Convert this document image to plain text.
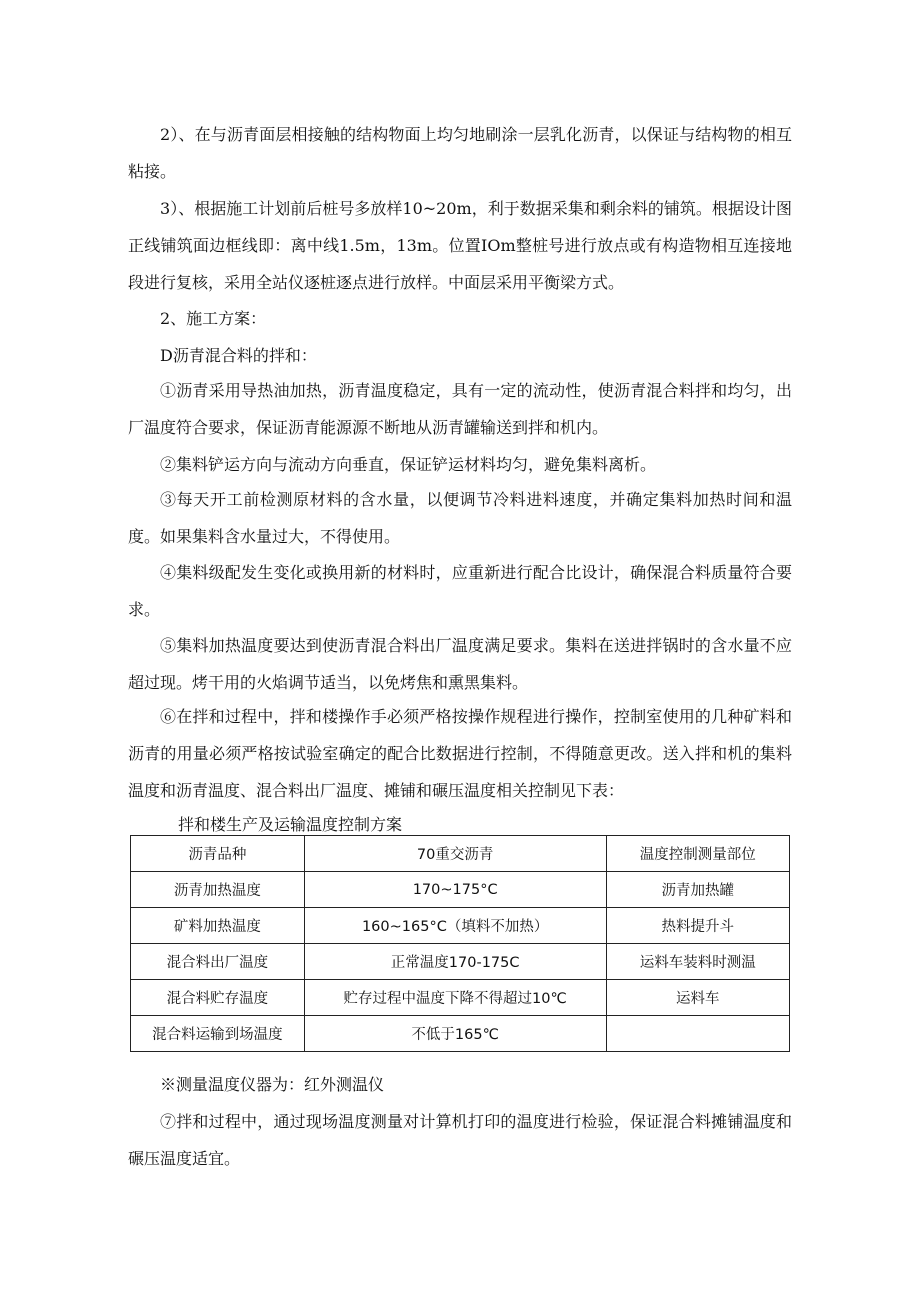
2）、在与沥青面层相接触的结构物面上均匀地刷涂一层乳化沥青，以保证与结构物的相互粘接。

3）、根据施工计划前后桩号多放样10~20m，利于数据采集和剩余料的铺筑。根据设计图正线铺筑面边框线即：离中线1.5m，13m。位置IOm整桩号进行放点或有构造物相互连接地段进行复核，采用全站仪逐桩逐点进行放样。中面层采用平衡梁方式。

2、施工方案：

D沥青混合料的拌和：

①沥青采用导热油加热，沥青温度稳定，具有一定的流动性，使沥青混合料拌和均匀，出厂温度符合要求，保证沥青能源源不断地从沥青罐输送到拌和机内。

②集料铲运方向与流动方向垂直，保证铲运材料均匀，避免集料离析。

③每天开工前检测原材料的含水量，以便调节冷料进料速度，并确定集料加热时间和温度。如果集料含水量过大，不得使用。

④集料级配发生变化或换用新的材料时，应重新进行配合比设计，确保混合料质量符合要求。

⑤集料加热温度要达到使沥青混合料出厂温度满足要求。集料在送进拌锅时的含水量不应超过现。烤干用的火焰调节适当，以免烤焦和熏黑集料。

⑥在拌和过程中，拌和楼操作手必须严格按操作规程进行操作，控制室使用的几种矿料和沥青的用量必须严格按试验室确定的配合比数据进行控制，不得随意更改。送入拌和机的集料温度和沥青温度、混合料出厂温度、摊铺和碾压温度相关控制见下表：

拌和楼生产及运输温度控制方案
沥青品种	70重交沥青	温度控制测量部位
沥青加热温度	170~175°C	沥青加热罐
矿料加热温度	160~165°C（填料不加热）	热料提升斗
混合料出厂温度	正常温度170-175C	运料车装料时测温
混合料贮存温度	贮存过程中温度下降不得超过10℃	运料车
混合料运输到场温度	不低于165℃	

※测量温度仪器为：红外测温仪

⑦拌和过程中，通过现场温度测量对计算机打印的温度进行检验，保证混合料摊铺温度和碾压温度适宜。
